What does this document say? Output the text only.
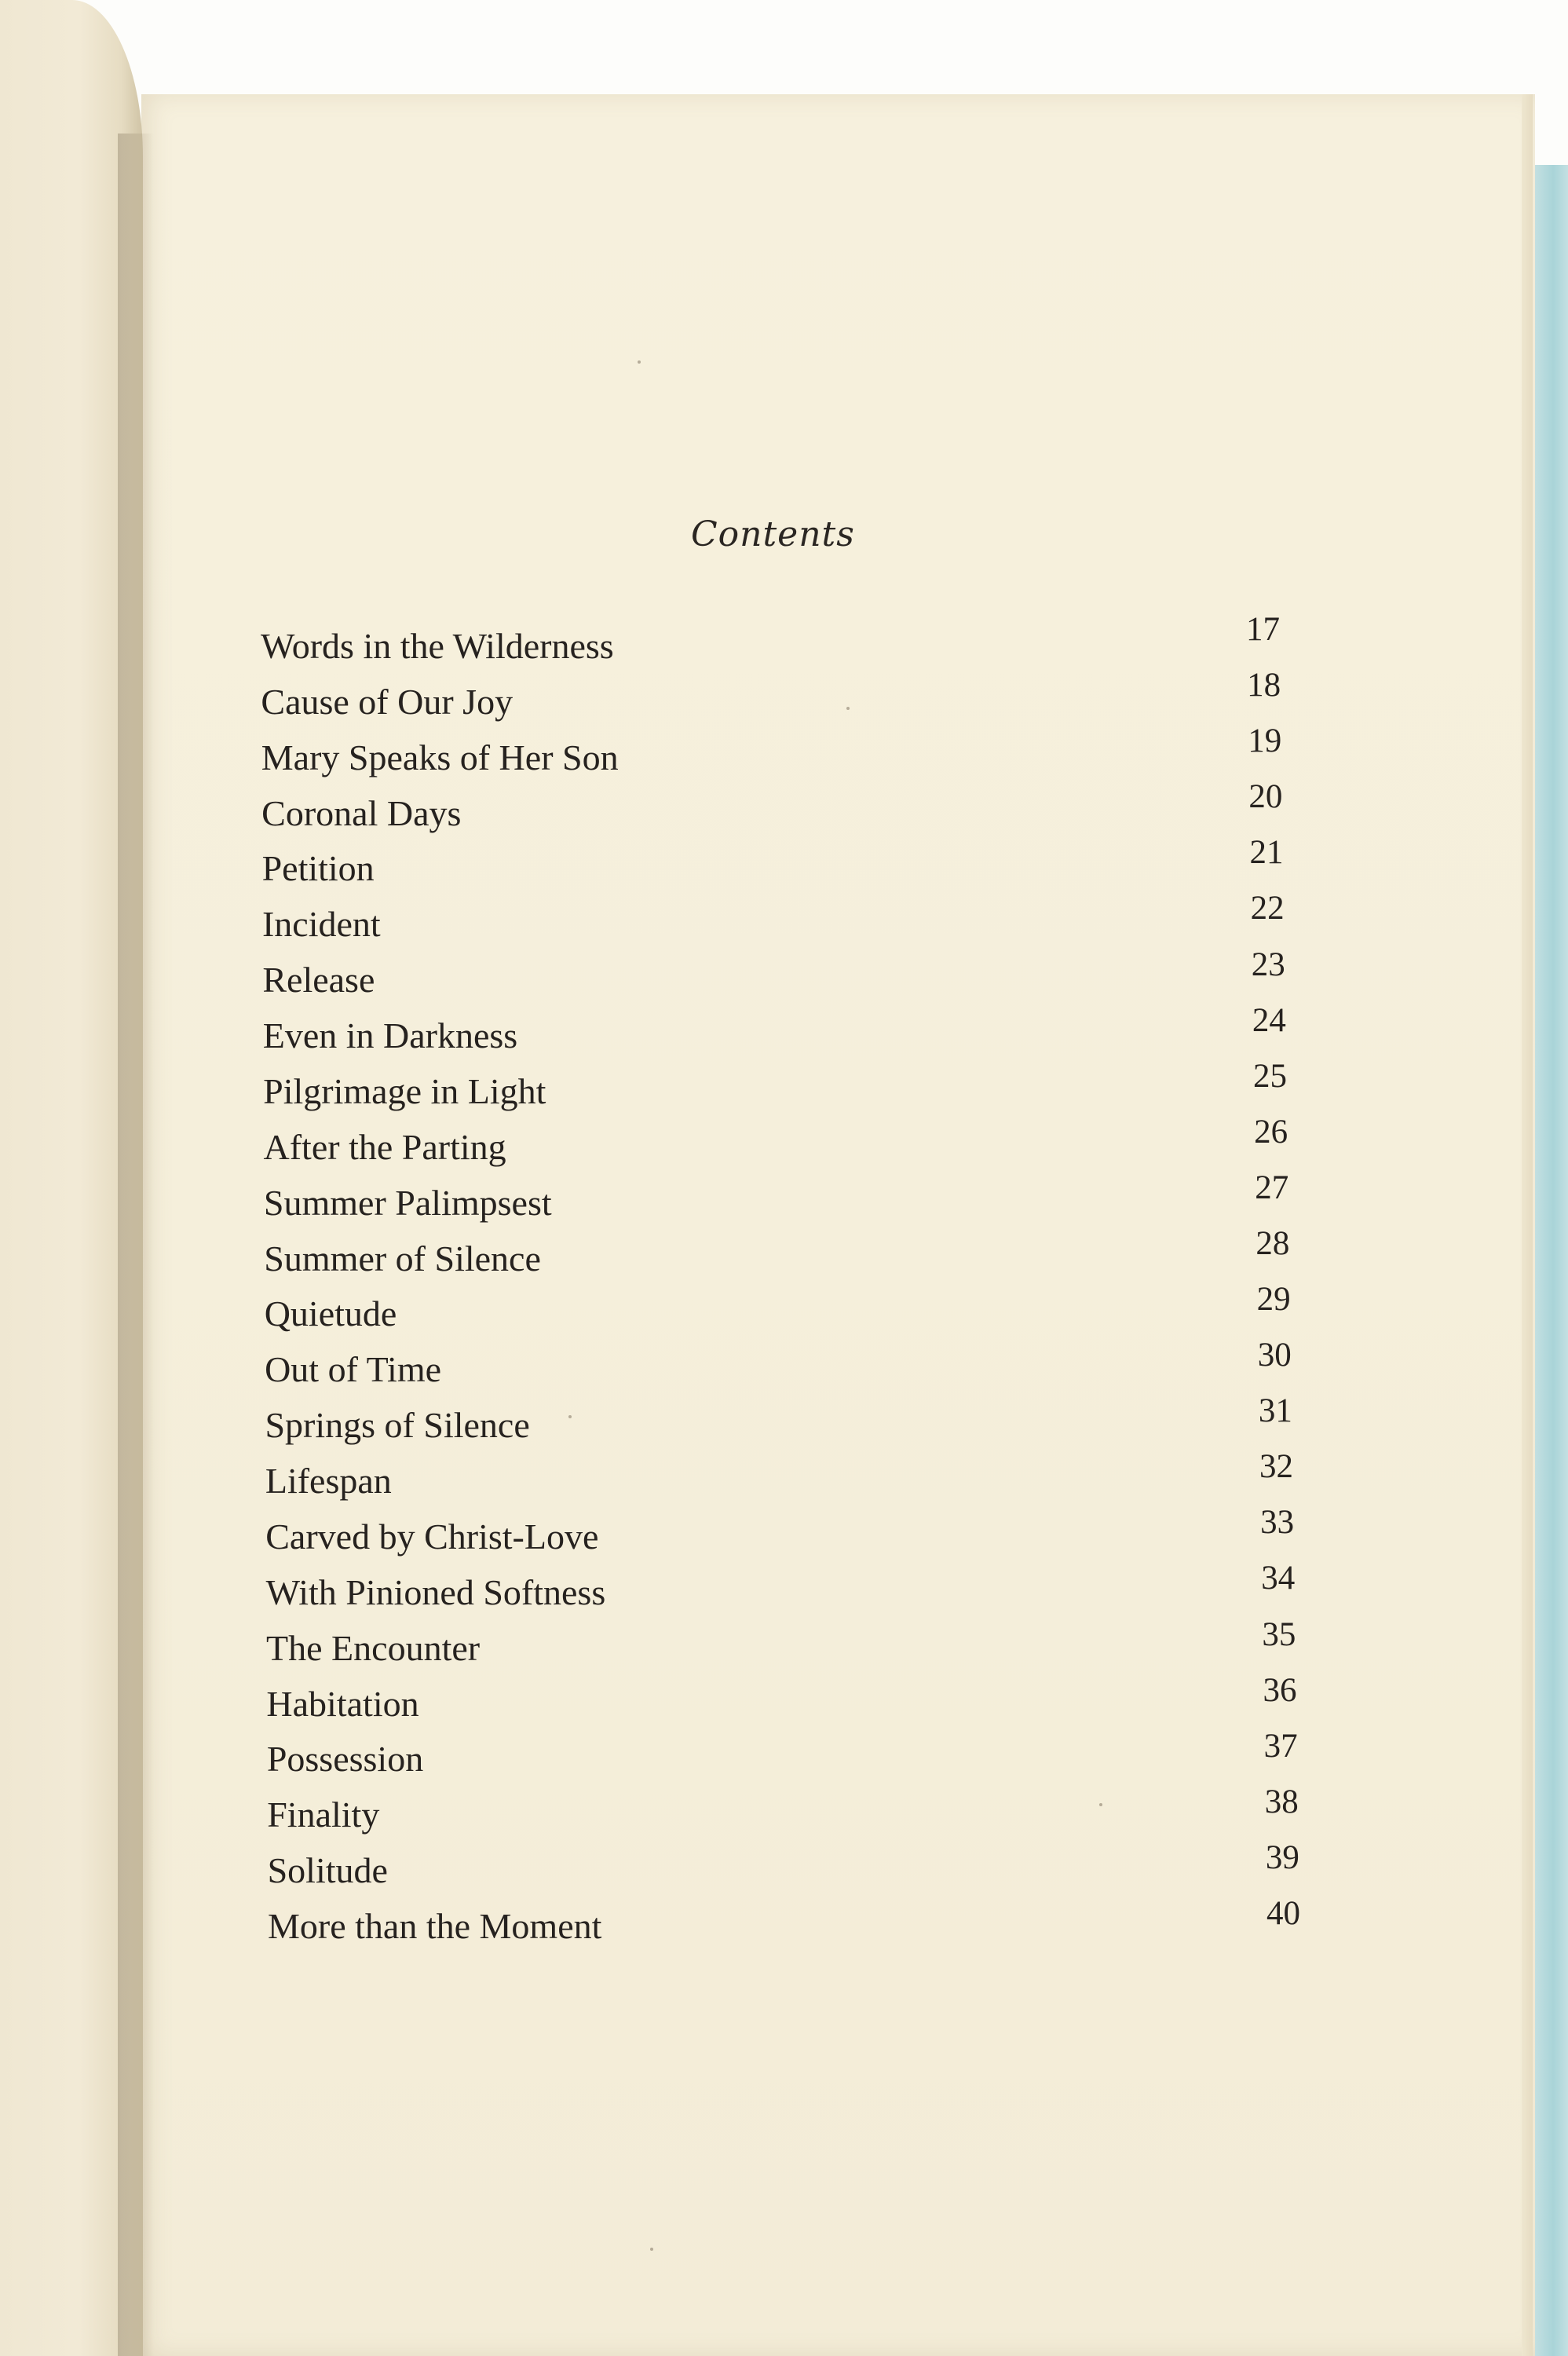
Contents
Words in the Wilderness	17
Cause of Our Joy	18
Mary Speaks of Her Son	19
Coronal Days	20
Petition	21
Incident	22
Release	23
Even in Darkness	24
Pilgrimage in Light	25
After the Parting	26
Summer Palimpsest	27
Summer of Silence	28
Quietude	29
Out of Time	30
Springs of Silence	31
Lifespan	32
Carved by Christ-Love	33
With Pinioned Softness	34
The Encounter	35
Habitation	36
Possession	37
Finality	38
Solitude	39
More than the Moment	40
